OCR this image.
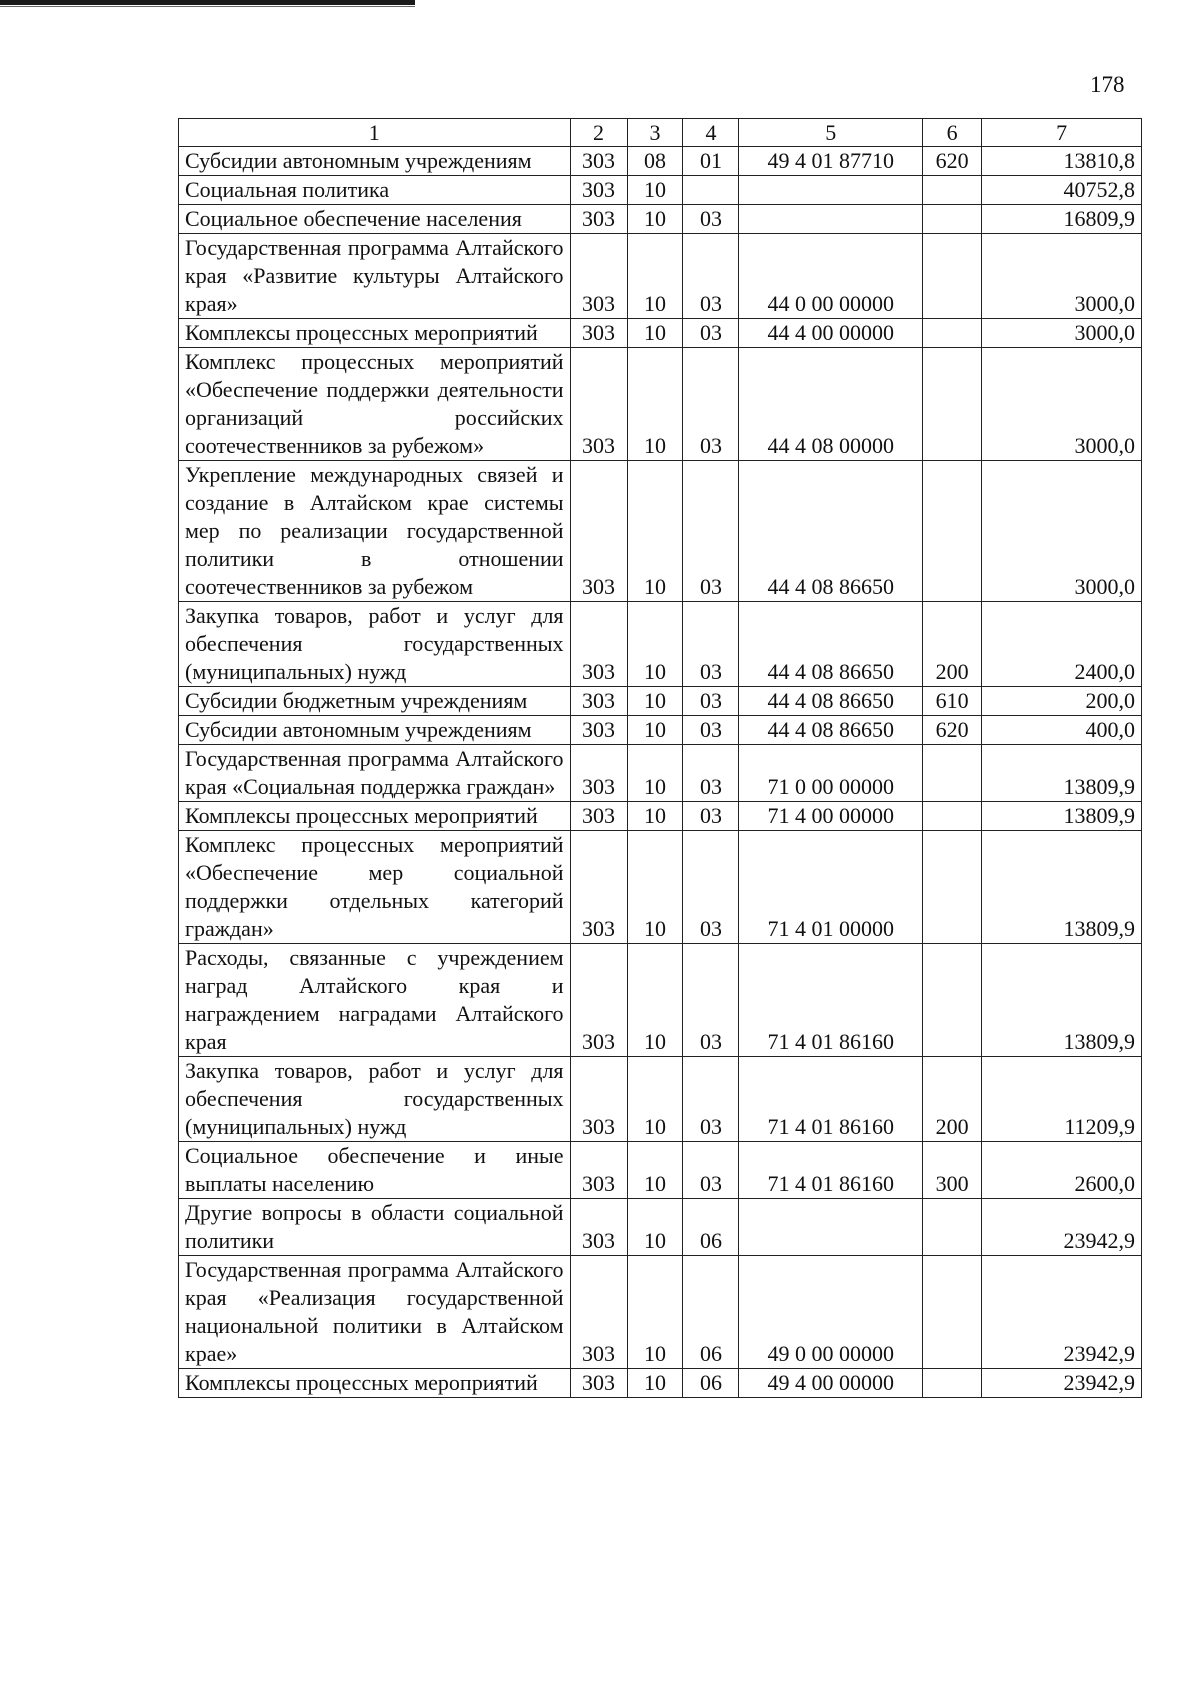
178
1	2	3	4	5	6	7
Субсидии автономным учреждениям	303	08	01	49 4 01 87710	620	13810,8
Социальная политика	303	10				40752,8
Социальное обеспечение населения	303	10	03			16809,9
Государственная программа Алтайского края «Развитие культуры Алтайского края»	303	10	03	44 0 00 00000		3000,0
Комплексы процессных мероприятий	303	10	03	44 4 00 00000		3000,0
Комплекс процессных мероприятий «Обеспечение поддержки деятельности организаций российских соотечественников за рубежом»	303	10	03	44 4 08 00000		3000,0
Укрепление международных связей и создание в Алтайском крае системы мер по реализации государственной политики в отношении соотечественников за рубежом	303	10	03	44 4 08 86650		3000,0
Закупка товаров, работ и услуг для обеспечения государственных (муниципальных) нужд	303	10	03	44 4 08 86650	200	2400,0
Субсидии бюджетным учреждениям	303	10	03	44 4 08 86650	610	200,0
Субсидии автономным учреждениям	303	10	03	44 4 08 86650	620	400,0
Государственная программа Алтайского края «Социальная поддержка граждан»	303	10	03	71 0 00 00000		13809,9
Комплексы процессных мероприятий	303	10	03	71 4 00 00000		13809,9
Комплекс процессных мероприятий «Обеспечение мер социальной поддержки отдельных категорий граждан»	303	10	03	71 4 01 00000		13809,9
Расходы, связанные с учреждением наград Алтайского края и награждением наградами Алтайского края	303	10	03	71 4 01 86160		13809,9
Закупка товаров, работ и услуг для обеспечения государственных (муниципальных) нужд	303	10	03	71 4 01 86160	200	11209,9
Социальное обеспечение и иные выплаты населению	303	10	03	71 4 01 86160	300	2600,0
Другие вопросы в области социальной политики	303	10	06			23942,9
Государственная программа Алтайского края «Реализация государственной национальной политики в Алтайском крае»	303	10	06	49 0 00 00000		23942,9
Комплексы процессных мероприятий	303	10	06	49 4 00 00000		23942,9
